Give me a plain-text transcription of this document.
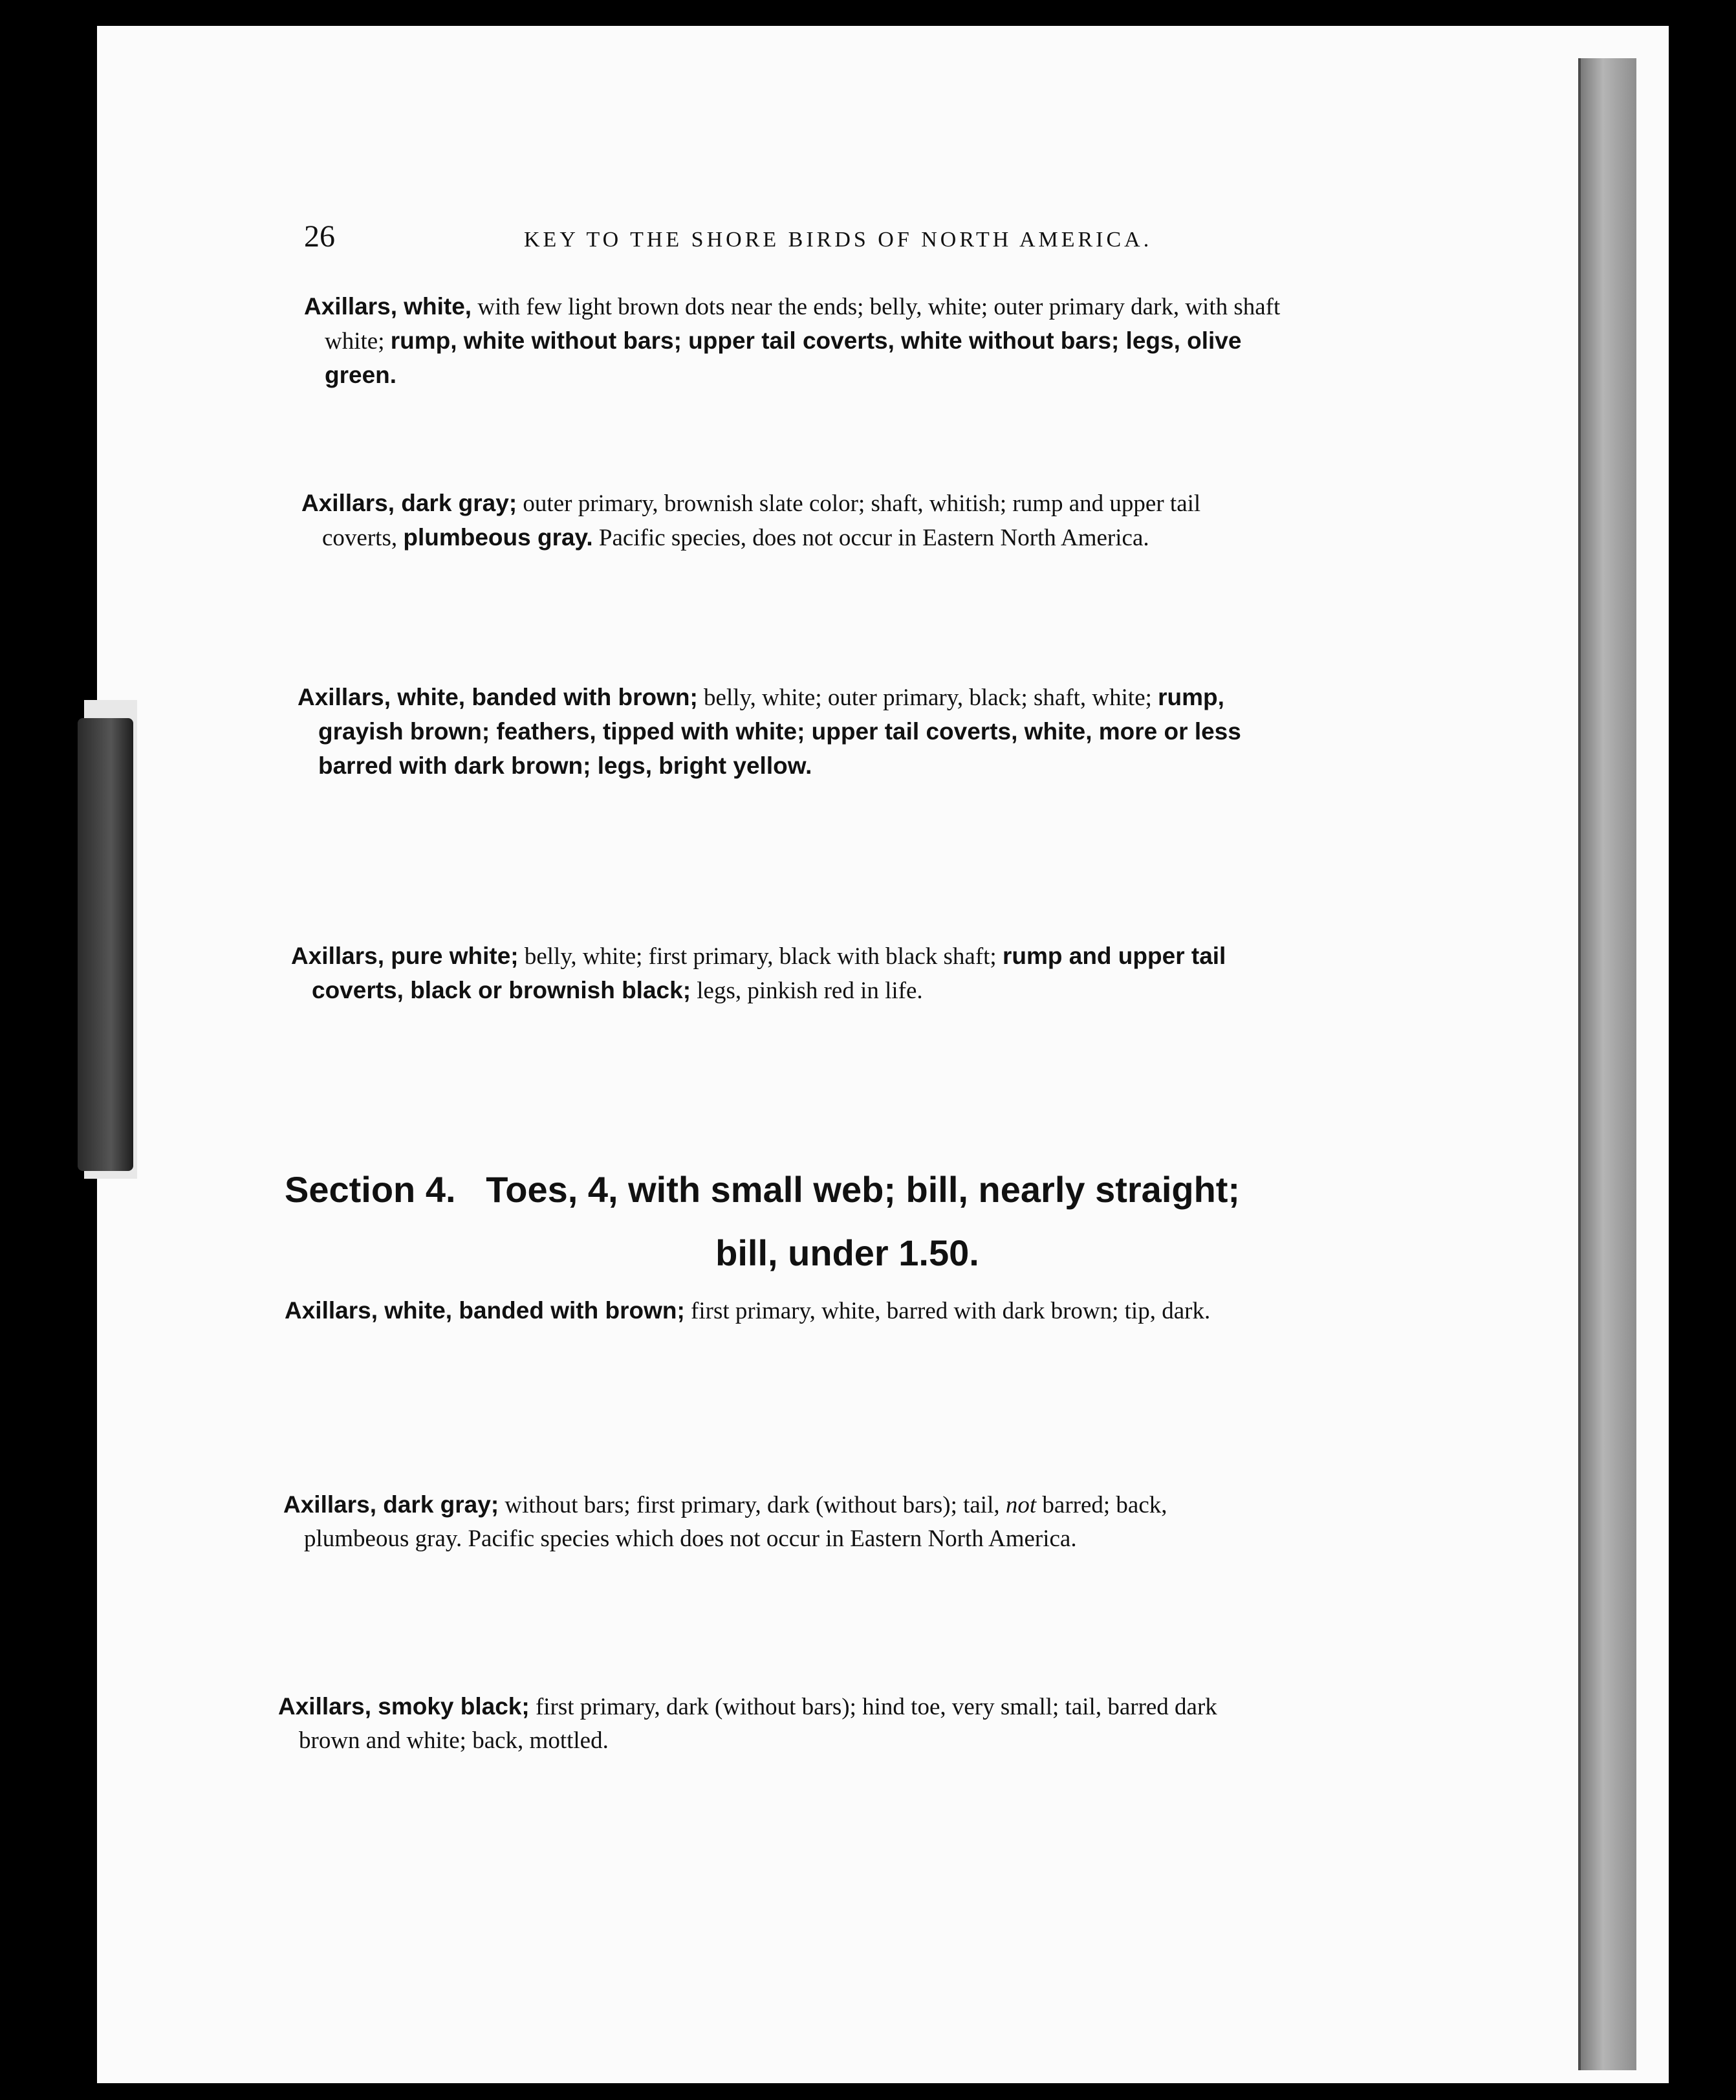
26	KEY TO THE SHORE BIRDS OF NORTH AMERICA.
Axillars, white, with few light brown dots near the ends; belly, white; outer primary dark, with shaft white; rump, white without bars; upper tail coverts, white without bars; legs, olive green.
Axillars, dark gray; outer primary, brownish slate color; shaft, whitish; rump and upper tail coverts, plumbeous gray. Pacific species, does not occur in Eastern North America.
Axillars, white, banded with brown; belly, white; outer primary, black; shaft, white; rump, grayish brown; feathers, tipped with white; upper tail coverts, white, more or less barred with dark brown; legs, bright yellow.
Axillars, pure white; belly, white; first primary, black with black shaft; rump and upper tail coverts, black or brownish black; legs, pinkish red in life.
Section 4.   Toes, 4, with small web; bill, nearly straight;
bill, under 1.50.
Axillars, white, banded with brown; first primary, white, barred with dark brown; tip, dark.
Axillars, dark gray; without bars; first primary, dark (without bars); tail, not barred; back, plumbeous gray. Pacific species which does not occur in Eastern North America.
Axillars, smoky black; first primary, dark (without bars); hind toe, very small; tail, barred dark brown and white; back, mottled.
